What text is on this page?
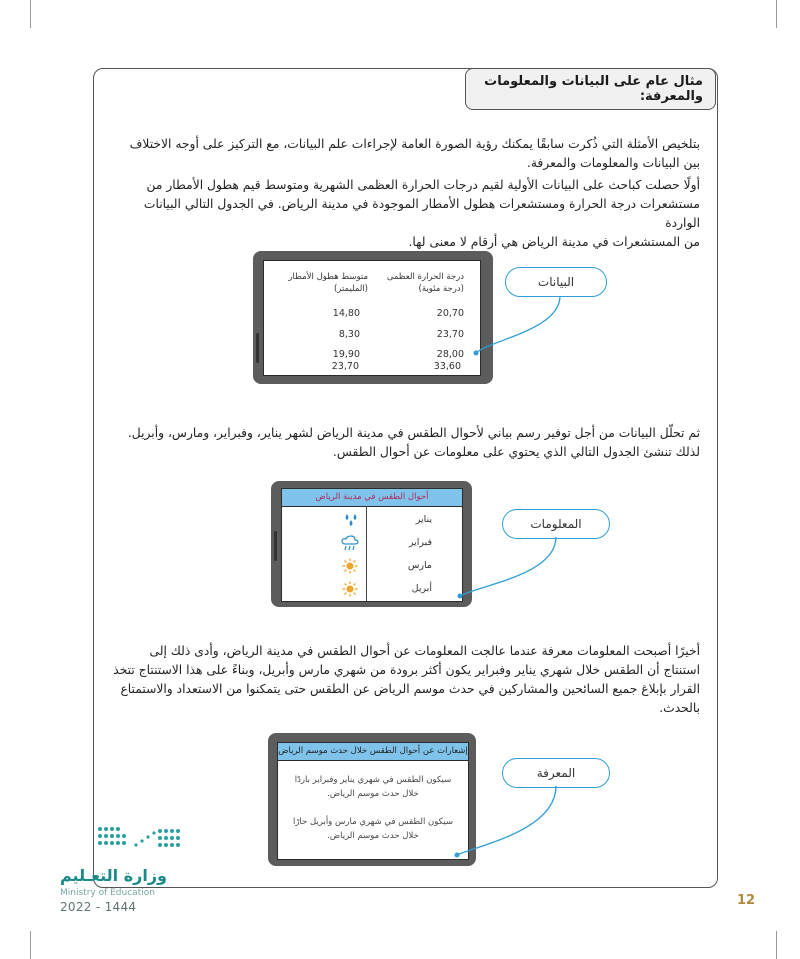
مثال عام على البيانات والمعلومات والمعرفة:
بتلخيص الأمثلة التي ذُكرت سابقًا يمكنك رؤية الصورة العامة لإجراءات علم البيانات، مع التركيز على أوجه الاختلاف
بين البيانات والمعلومات والمعرفة.
أولًا حصلت كباحث على البيانات الأولية لقيم درجات الحرارة العظمى الشهرية ومتوسط قيم هطول الأمطار من
مستشعرات درجة الحرارة ومستشعرات هطول الأمطار الموجودة في مدينة الرياض. في الجدول التالي البيانات الواردة
من المستشعرات في مدينة الرياض هي أرقام لا معنى لها.
درجة الحرارة العظمى
(درجة مئوية)
متوسط هطول الأمطار
(المليمتر)
20,70
14,80
23,70
8,30
28,00
19,90
33,60
23,70
البيانات
ثم تحلّل البيانات من أجل توفير رسم بياني لأحوال الطقس في مدينة الرياض لشهر يناير، وفبراير، ومارس، وأبريل.
لذلك تنشئ الجدول التالي الذي يحتوي على معلومات عن أحوال الطقس.
أحوال الطقس في مدينة الرياض
يناير
فبراير
مارس
أبريل
المعلومات
أخيرًا أصبحت المعلومات معرفة عندما عالجت المعلومات عن أحوال الطقس في مدينة الرياض، وأدى ذلك إلى
استنتاج أن الطقس خلال شهري يناير وفبراير يكون أكثر برودة من شهري مارس وأبريل، وبناءً على هذا الاستنتاج تتخذ
القرار بإبلاغ جميع السائحين والمشاركين في حدث موسم الرياض عن الطقس حتى يتمكنوا من الاستعداد والاستمتاع
بالحدث.
إشعارات عن أحوال الطقس خلال حدث موسم الرياض
سيكون الطقس في شهري يناير وفبراير باردًا
خلال حدث موسم الرياض.
سيكون الطقس في شهري مارس وأبريل حارًا
خلال حدث موسم الرياض.
المعرفة
وزارة التعـليم
Ministry of Education
2022 - 1444	12
